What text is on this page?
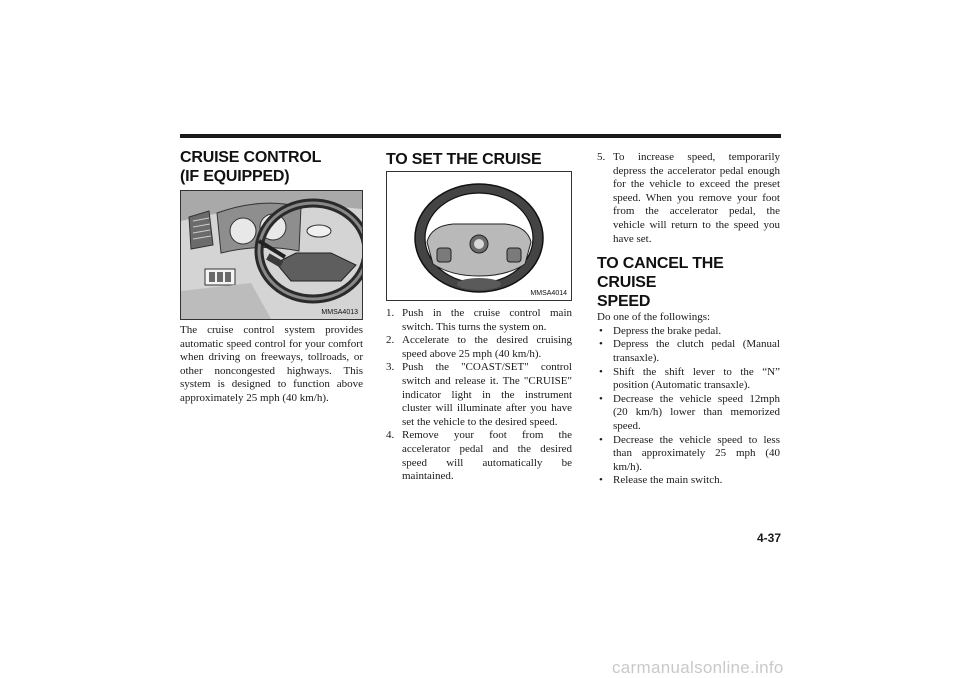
CRUISE CONTROL
(IF EQUIPPED)
MMSA4013

The cruise control system provides automatic speed control for your comfort when driving on freeways, tollroads, or other noncongested highways. This system is designed to function above approximately 25 mph (40 km/h).

TO SET THE CRUISE
MMSA4014
1. Push in the cruise control main switch. This turns the system on.
2. Accelerate to the desired cruising speed above 25 mph (40 km/h).
3. Push the "COAST/SET" control switch and release it. The "CRUISE" indicator light in the instrument cluster will illuminate after you have set the vehicle to the desired speed.
4. Remove your foot from the accelerator pedal and the desired speed will automatically be maintained.
5. To increase speed, temporarily depress the accelerator pedal enough for the vehicle to exceed the preset speed. When you remove your foot from the accelerator pedal, the vehicle will return to the speed you have set.
TO CANCEL THE CRUISE
SPEED

Do one of the followings:

• Depress the brake pedal.
• Depress the clutch pedal (Manual transaxle).
• Shift the shift lever to the “N” position (Automatic transaxle).
• Decrease the vehicle speed 12mph (20 km/h) lower than memorized speed.
• Decrease the vehicle speed to less than approximately 25 mph (40 km/h).
• Release the main switch.
4-37
carmanualsonline.info
